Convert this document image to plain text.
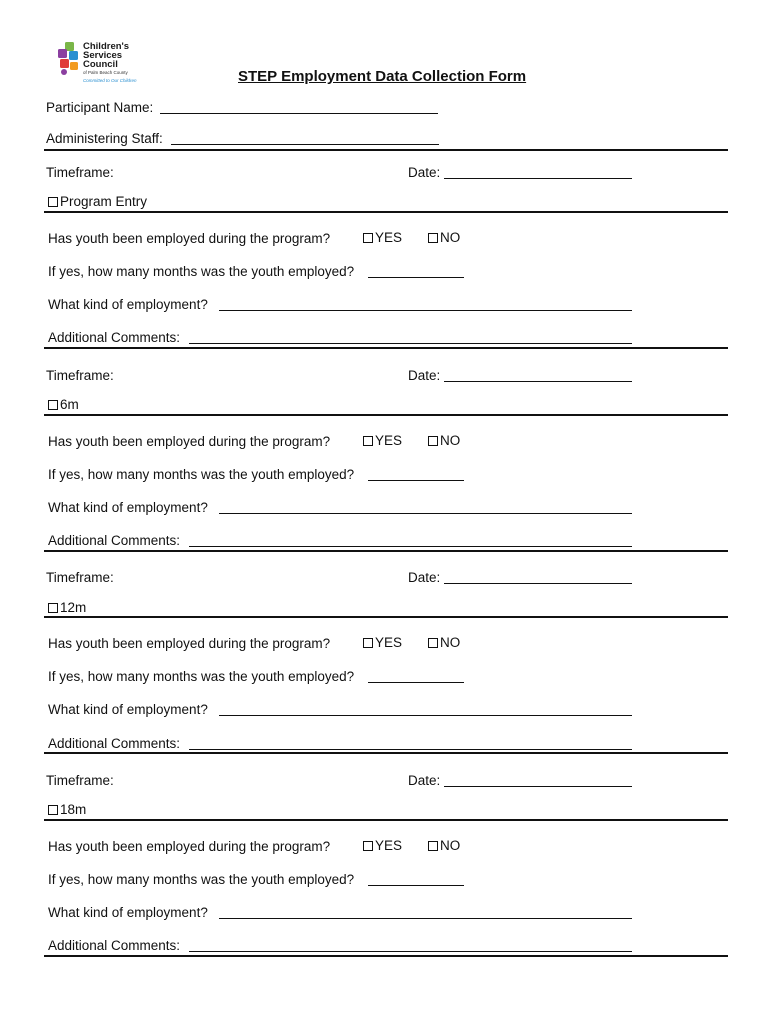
Children's
Services
Council
of Palm Beach County
Committed to Our Children	STEP Employment Data Collection Form
Participant Name:
Administering Staff:
Timeframe:	Date:
Program Entry
Has youth been employed during the program?	YES	NO
If yes, how many months was the youth employed?
What kind of employment?
Additional Comments:
Timeframe:	Date:
6m
Has youth been employed during the program?	YES	NO
If yes, how many months was the youth employed?
What kind of employment?
Additional Comments:
Timeframe:	Date:
12m
Has youth been employed during the program?	YES	NO
If yes, how many months was the youth employed?
What kind of employment?
Additional Comments:
Timeframe:	Date:
18m
Has youth been employed during the program?	YES	NO
If yes, how many months was the youth employed?
What kind of employment?
Additional Comments:
